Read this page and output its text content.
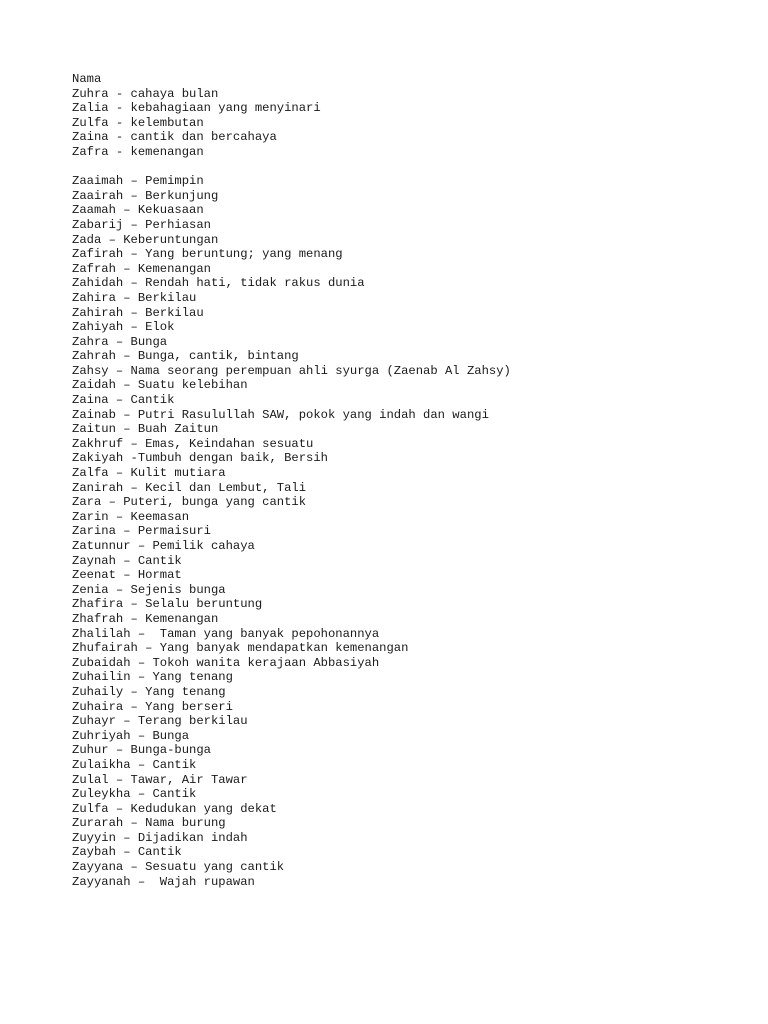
Nama
Zuhra - cahaya bulan
Zalia - kebahagiaan yang menyinari
Zulfa - kelembutan
Zaina - cantik dan bercahaya
Zafra - kemenangan
Zaaimah – Pemimpin
Zaairah – Berkunjung
Zaamah – Kekuasaan
Zabarij – Perhiasan
Zada – Keberuntungan
Zafirah – Yang beruntung; yang menang
Zafrah – Kemenangan
Zahidah – Rendah hati, tidak rakus dunia
Zahira – Berkilau
Zahirah – Berkilau
Zahiyah – Elok
Zahra – Bunga
Zahrah – Bunga, cantik, bintang
Zahsy – Nama seorang perempuan ahli syurga (Zaenab Al Zahsy)
Zaidah – Suatu kelebihan
Zaina – Cantik
Zainab – Putri Rasulullah SAW, pokok yang indah dan wangi
Zaitun – Buah Zaitun
Zakhruf – Emas, Keindahan sesuatu
Zakiyah -Tumbuh dengan baik, Bersih
Zalfa – Kulit mutiara
Zanirah – Kecil dan Lembut, Tali
Zara – Puteri, bunga yang cantik
Zarin – Keemasan
Zarina – Permaisuri
Zatunnur – Pemilik cahaya
Zaynah – Cantik
Zeenat – Hormat
Zenia – Sejenis bunga
Zhafira – Selalu beruntung
Zhafrah – Kemenangan
Zhalilah –  Taman yang banyak pepohonannya
Zhufairah – Yang banyak mendapatkan kemenangan
Zubaidah – Tokoh wanita kerajaan Abbasiyah
Zuhailin – Yang tenang
Zuhaily – Yang tenang
Zuhaira – Yang berseri
Zuhayr – Terang berkilau
Zuhriyah – Bunga
Zuhur – Bunga-bunga
Zulaikha – Cantik
Zulal – Tawar, Air Tawar
Zuleykha – Cantik
Zulfa – Kedudukan yang dekat
Zurarah – Nama burung
Zuyyin – Dijadikan indah
Zaybah – Cantik
Zayyana – Sesuatu yang cantik
Zayyanah –  Wajah rupawan
